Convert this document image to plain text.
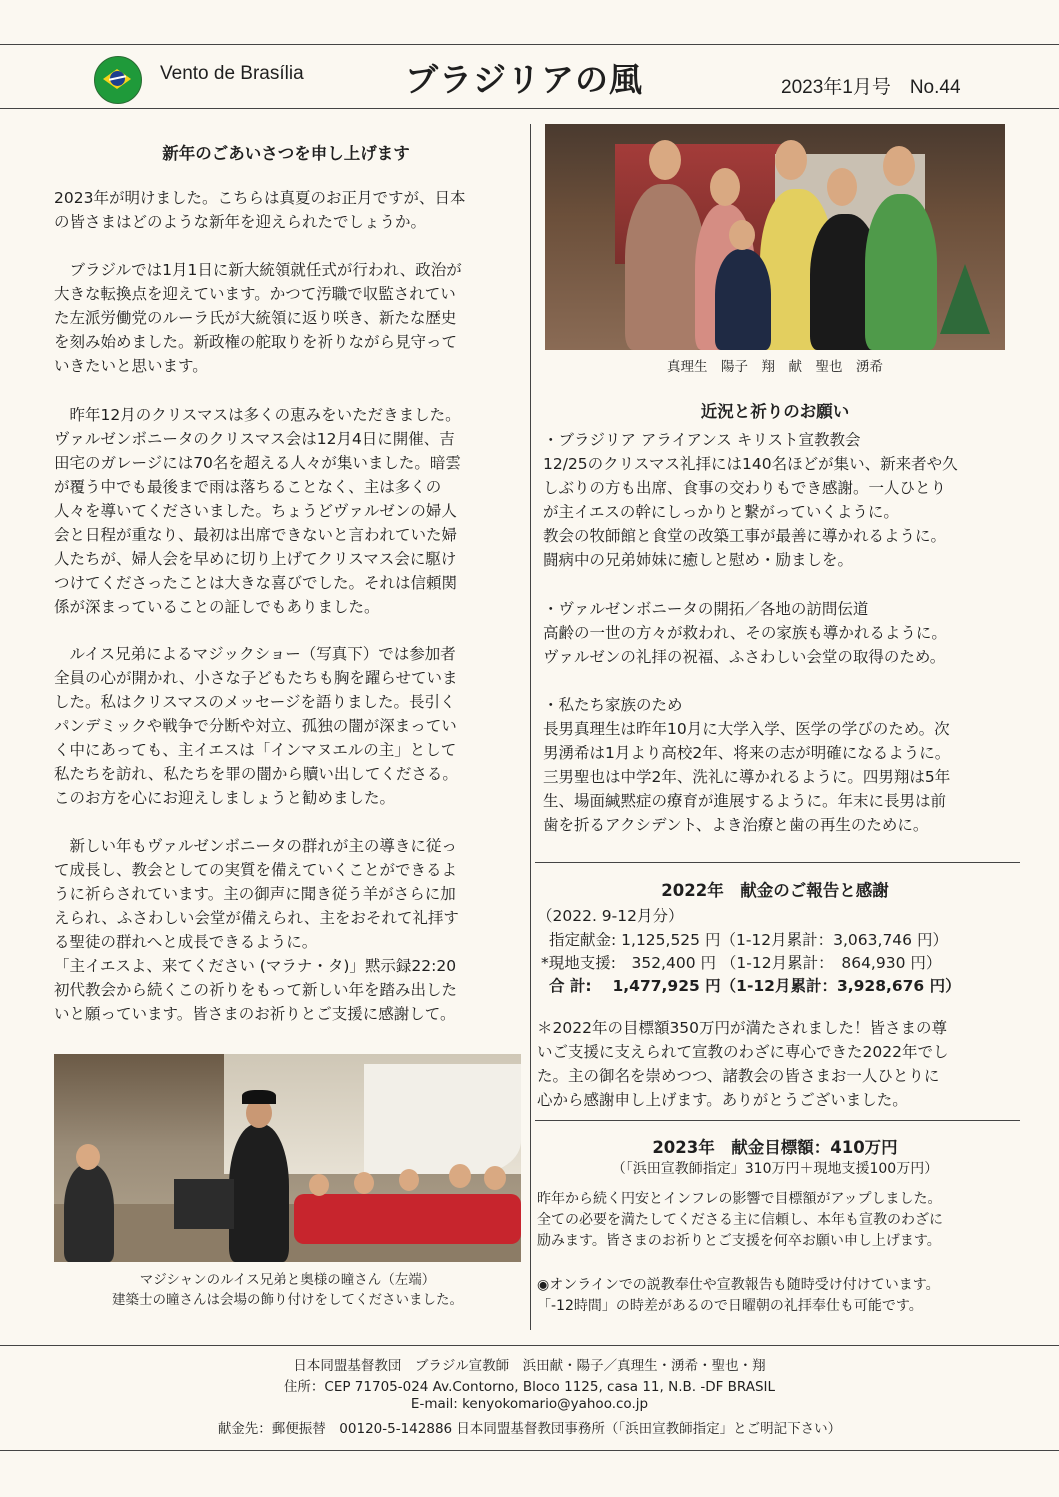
Vento de Brasília	ブラジリアの風	2023年1月号　No.44
新年のごあいさつを申し上げます
2023年が明けました。こちらは真夏のお正月ですが、日本
の皆さまはどのような新年を迎えられたでしょうか。
　ブラジルでは1月1日に新大統領就任式が行われ、政治が
大きな転換点を迎えています。かつて汚職で収監されてい
た左派労働党のルーラ氏が大統領に返り咲き、新たな歴史
を刻み始めました。新政権の舵取りを祈りながら見守って
いきたいと思います。
　昨年12月のクリスマスは多くの恵みをいただきました。
ヴァルゼンボニータのクリスマス会は12月4日に開催、吉
田宅のガレージには70名を超える人々が集いました。暗雲
が覆う中でも最後まで雨は落ちることなく、主は多くの
人々を導いてくださいました。ちょうどヴァルゼンの婦人
会と日程が重なり、最初は出席できないと言われていた婦
人たちが、婦人会を早めに切り上げてクリスマス会に駆け
つけてくださったことは大きな喜びでした。それは信頼関
係が深まっていることの証しでもありました。
　ルイス兄弟によるマジックショー（写真下）では参加者
全員の心が開かれ、小さな子どもたちも胸を躍らせていま
した。私はクリスマスのメッセージを語りました。長引く
パンデミックや戦争で分断や対立、孤独の闇が深まってい
く中にあっても、主イエスは「インマヌエルの主」として
私たちを訪れ、私たちを罪の闇から贖い出してくださる。
このお方を心にお迎えしましょうと勧めました。
　新しい年もヴァルゼンボニータの群れが主の導きに従っ
て成長し、教会としての実質を備えていくことができるよ
うに祈らされています。主の御声に聞き従う羊がさらに加
えられ、ふさわしい会堂が備えられ、主をおそれて礼拝す
る聖徒の群れへと成長できるように。
「主イエスよ、来てください (マラナ・タ)」黙示録22:20
初代教会から続くこの祈りをもって新しい年を踏み出した
いと願っています。皆さまのお祈りとご支援に感謝して。
マジシャンのルイス兄弟と奥様の曈さん（左端）
建築士の曈さんは会場の飾り付けをしてくださいました。
真理生　陽子　翔　献　聖也　湧希
近況と祈りのお願い
・ブラジリア アライアンス キリスト宣教教会
12/25のクリスマス礼拝には140名ほどが集い、新来者や久
しぶりの方も出席、食事の交わりもでき感謝。一人ひとり
が主イエスの幹にしっかりと繋がっていくように。
教会の牧師館と食堂の改築工事が最善に導かれるように。
闘病中の兄弟姉妹に癒しと慰め・励ましを。
・ヴァルゼンボニータの開拓／各地の訪問伝道
高齢の一世の方々が救われ、その家族も導かれるように。
ヴァルゼンの礼拝の祝福、ふさわしい会堂の取得のため。
・私たち家族のため
長男真理生は昨年10月に大学入学、医学の学びのため。次
男湧希は1月より高校2年、将来の志が明確になるように。
三男聖也は中学2年、洗礼に導かれるように。四男翔は5年
生、場面緘黙症の療育が進展するように。年末に長男は前
歯を折るアクシデント、よき治療と歯の再生のために。
2022年　献金のご報告と感謝
（2022. 9-12月分）
指定献金: 1,125,525 円（1-12月累計：3,063,746 円）
*現地支援:　352,400 円 （1-12月累計：　864,930 円）
合 計:　 1,477,925 円（1-12月累計：3,928,676 円）
＊2022年の目標額350万円が満たされました！皆さまの尊
いご支援に支えられて宣教のわざに専心できた2022年でし
た。主の御名を崇めつつ、諸教会の皆さまお一人ひとりに
心から感謝申し上げます。ありがとうございました。
2023年　献金目標額：410万円
（「浜田宣教師指定」310万円＋現地支援100万円）
昨年から続く円安とインフレの影響で目標額がアップしました。
全ての必要を満たしてくださる主に信頼し、本年も宣教のわざに
励みます。皆さまのお祈りとご支援を何卒お願い申し上げます。
◉オンラインでの説教奉仕や宣教報告も随時受け付けています。
「-12時間」の時差があるので日曜朝の礼拝奉仕も可能です。
日本同盟基督教団　ブラジル宣教師　浜田献・陽子／真理生・湧希・聖也・翔
住所：CEP 71705-024 Av.Contorno, Bloco 1125, casa 11, N.B. -DF BRASIL
E-mail: kenyokomario@yahoo.co.jp
献金先：郵便振替　00120-5-142886 日本同盟基督教団事務所（「浜田宣教師指定」とご明記下さい）
